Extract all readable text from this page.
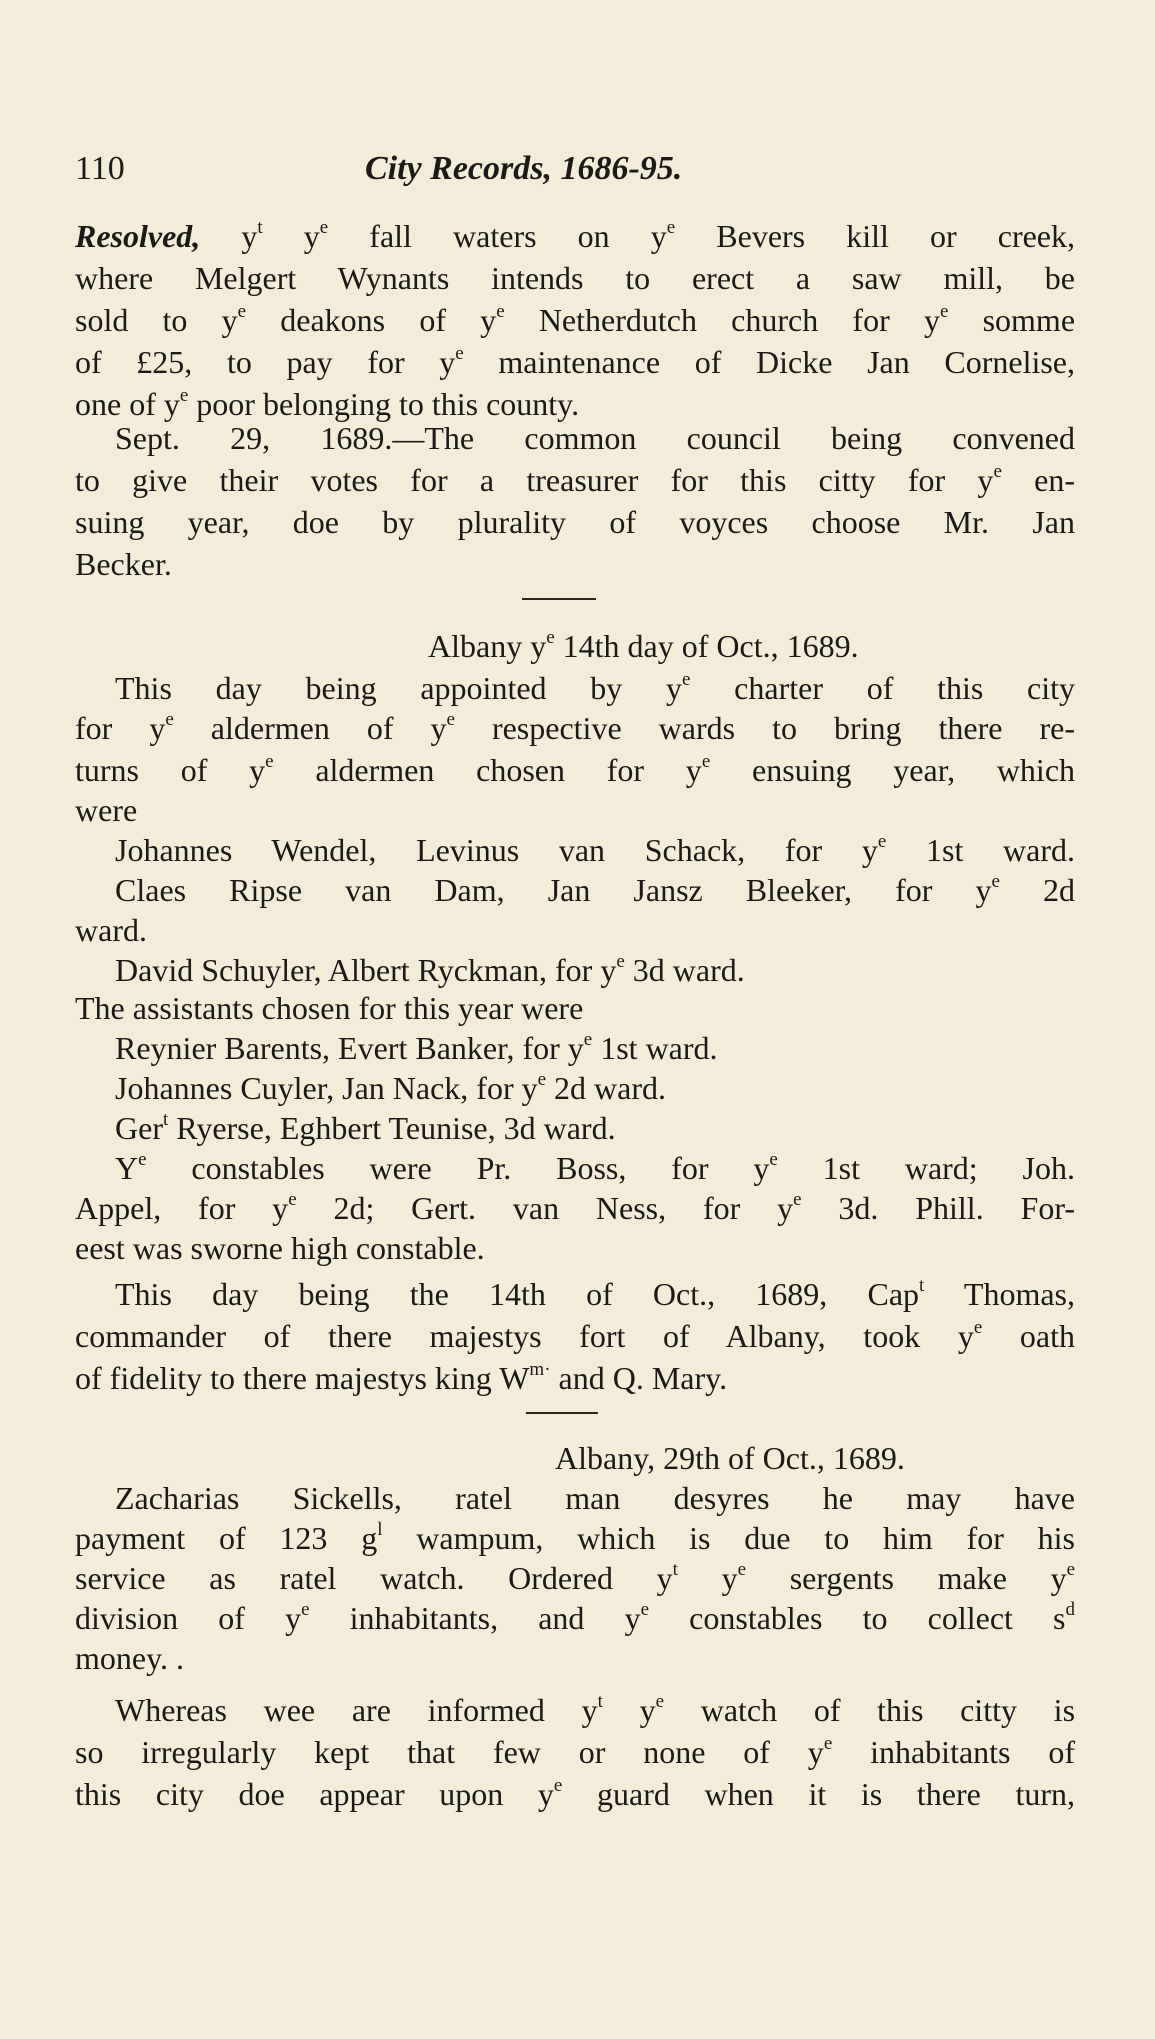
110	City Records, 1686-95.
Resolved, $y^t$ $y^e$ fall waters on $y^e$ Bevers kill or creek,
where Melgert Wynants intends to erect a saw mill, be
sold to $y^e$ deakons of $y^e$ Netherdutch church for $y^e$ somme
of £25, to pay for $y^e$ maintenance of Dicke Jan Cornelise,
one of $y^e$ poor belonging to this county.
Sept. 29, 1689.—The common council being convened
to give their votes for a treasurer for this citty for $y^e$ en-
suing year, doe by plurality of voyces choose Mr. Jan
Becker.
Albany $y^e$ 14th day of Oct., 1689.
This day being appointed by $y^e$ charter of this city
for $y^e$ aldermen of $y^e$ respective wards to bring there re-
turns of $y^e$ aldermen chosen for $y^e$ ensuing year, which
were
Johannes Wendel, Levinus van Schack, for $y^e$ 1st ward.
Claes Ripse van Dam, Jan Jansz Bleeker, for $y^e$ 2d
ward.
David Schuyler, Albert Ryckman, for $y^e$ 3d ward.
The assistants chosen for this year were
Reynier Barents, Evert Banker, for $y^e$ 1st ward.
Johannes Cuyler, Jan Nack, for $y^e$ 2d ward.
Ger$^t$ Ryerse, Eghbert Teunise, 3d ward.
$Y^e$ constables were Pr. Boss, for $y^e$ 1st ward; Joh.
Appel, for $y^e$ 2d; Gert. van Ness, for $y^e$ 3d. Phill. For-
eest was sworne high constable.
This day being the 14th of Oct., 1689, Cap$^t$ Thomas,
commander of there majestys fort of Albany, took $y^e$ oath
of fidelity to there majestys king $W^{m\cdot}$ and Q. Mary.
Albany, 29th of Oct., 1689.
Zacharias Sickells, ratel man desyres he may have
payment of 123 $g^l$ wampum, which is due to him for his
service as ratel watch. Ordered $y^t$ $y^e$ sergents make $y^e$
division of $y^e$ inhabitants, and $y^e$ constables to collect $s^d$
money. .
Whereas wee are informed $y^t$ $y^e$ watch of this citty is
so irregularly kept that few or none of $y^e$ inhabitants of
this city doe appear upon $y^e$ guard when it is there turn,
